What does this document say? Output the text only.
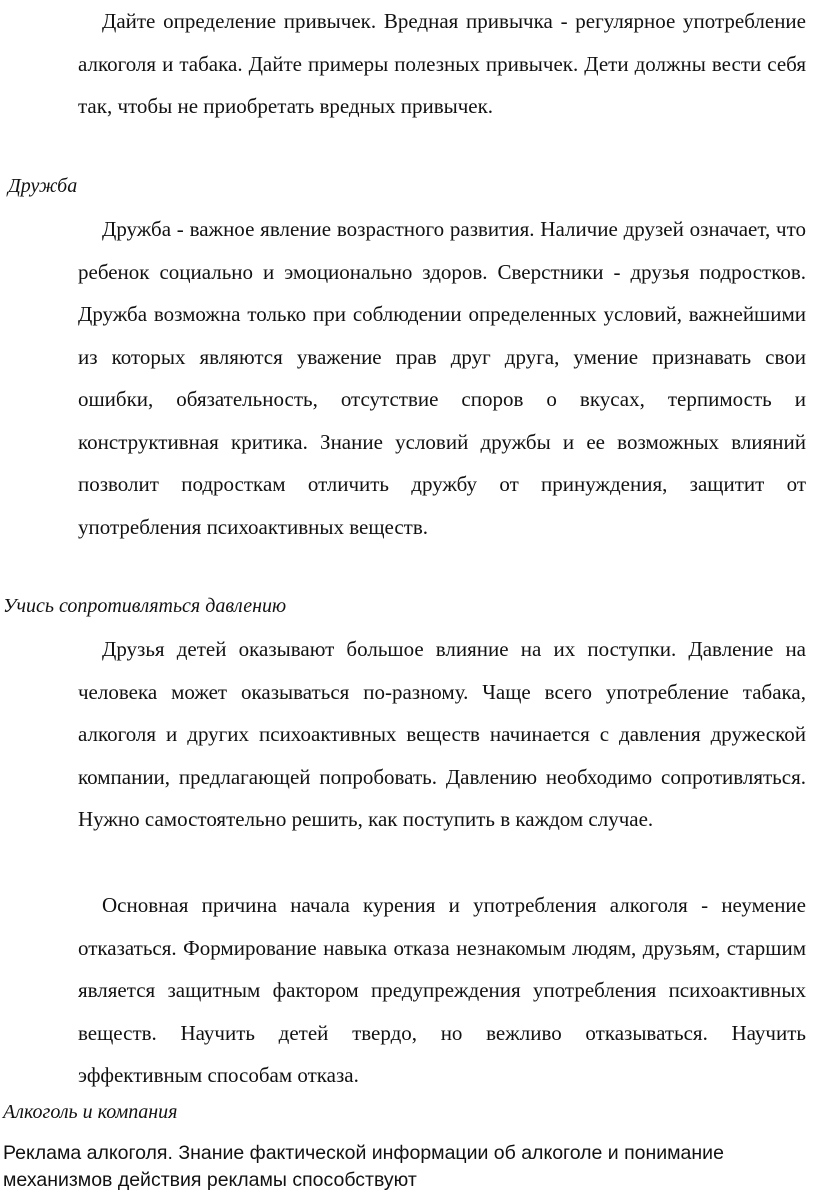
Дайте определение привычек. Вредная привычка - регулярное употребление алкоголя и табака. Дайте примеры полезных привычек. Дети должны вести себя так, чтобы не приобретать вредных привычек.

Дружба

Дружба - важное явление возрастного развития. Наличие друзей означает, что ребенок социально и эмоционально здоров. Сверстники - друзья подростков. Дружба возможна только при соблюдении определенных условий, важнейшими из которых являются уважение прав друг друга, умение признавать свои ошибки, обязательность, отсутствие споров о вкусах, терпимость и конструктивная критика. Знание условий дружбы и ее возможных влияний позволит подросткам отличить дружбу от принуждения, защитит от употребления психоактивных веществ.

Учись сопротивляться давлению

Друзья детей оказывают большое влияние на их поступки. Давление на человека может оказываться по-разному. Чаще всего употребление табака, алкоголя и других психоактивных веществ начинается с давления дружеской компании, предлагающей попробовать. Давлению необходимо сопротивляться. Нужно самостоятельно решить, как поступить в каждом случае.

Основная причина начала курения и употребления алкоголя - неумение отказаться. Формирование навыка отказа незнакомым людям, друзьям, старшим является защитным фактором предупреждения употребления психоактивных веществ. Научить детей твердо, но вежливо отказываться. Научить эффективным способам отказа.

Алкоголь и компания

Реклама алкоголя. Знание фактической информации об алкоголе и понимание механизмов действия рекламы способствуют
